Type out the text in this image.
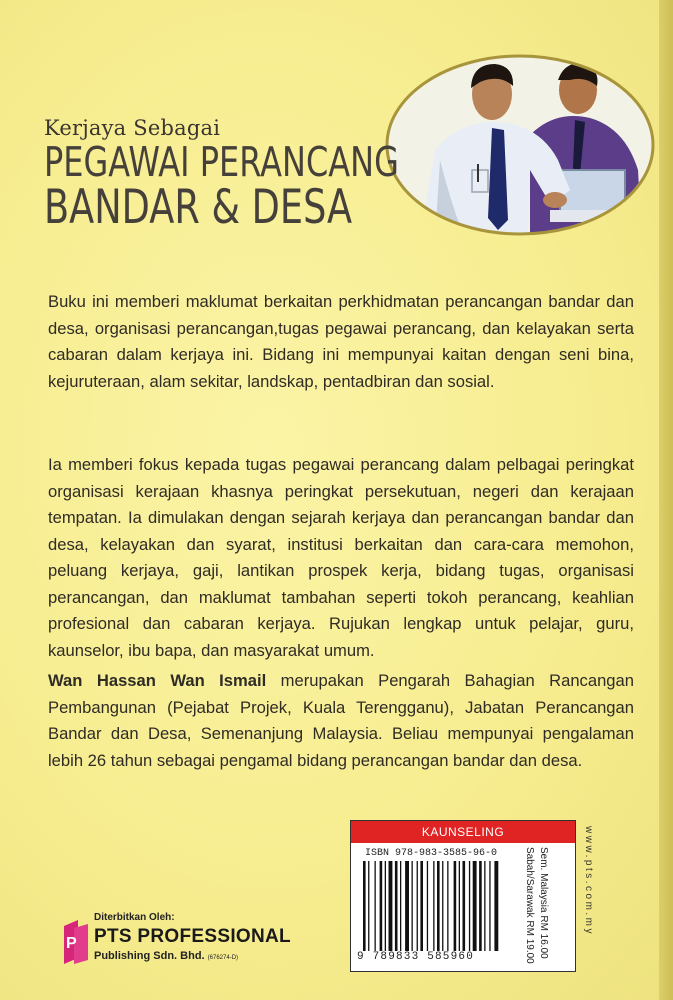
Kerjaya Sebagai
PEGAWAI PERANCANG
BANDAR & DESA

Buku ini memberi maklumat berkaitan perkhidmatan perancangan bandar dan desa, organisasi perancangan,tugas pegawai perancang, dan kelayakan serta cabaran dalam kerjaya ini. Bidang ini mempunyai kaitan dengan seni bina, kejuruteraan, alam sekitar, landskap, pentadbiran dan sosial.

Ia memberi fokus kepada tugas pegawai perancang dalam pelbagai peringkat organisasi kerajaan khasnya peringkat persekutuan, negeri dan kerajaan tempatan. Ia dimulakan dengan sejarah kerjaya dan perancangan bandar dan desa, kelayakan dan syarat, institusi berkaitan dan cara-cara memohon, peluang kerjaya, gaji, lantikan prospek kerja, bidang tugas, organisasi perancangan, dan maklumat tambahan seperti tokoh perancang, keahlian profesional dan cabaran kerjaya. Rujukan lengkap untuk pelajar, guru, kaunselor, ibu bapa, dan masyarakat umum.

Wan Hassan Wan Ismail merupakan Pengarah Bahagian Rancangan Pembangunan (Pejabat Projek, Kuala Terengganu), Jabatan Perancangan Bandar dan Desa, Semenanjung Malaysia. Beliau mempunyai pengalaman lebih 26 tahun sebagai pengamal bidang perancangan bandar dan desa.

KAUNSELING
ISBN 978-983-3585-96-0
9 789833 585960	Sem. Malaysia RM 16.00
Sabah/Sarawak RM 19.00	www.pts.com.my
P
Diterbitkan Oleh:
PTS PROFESSIONAL
Publishing Sdn. Bhd. (676274-D)
